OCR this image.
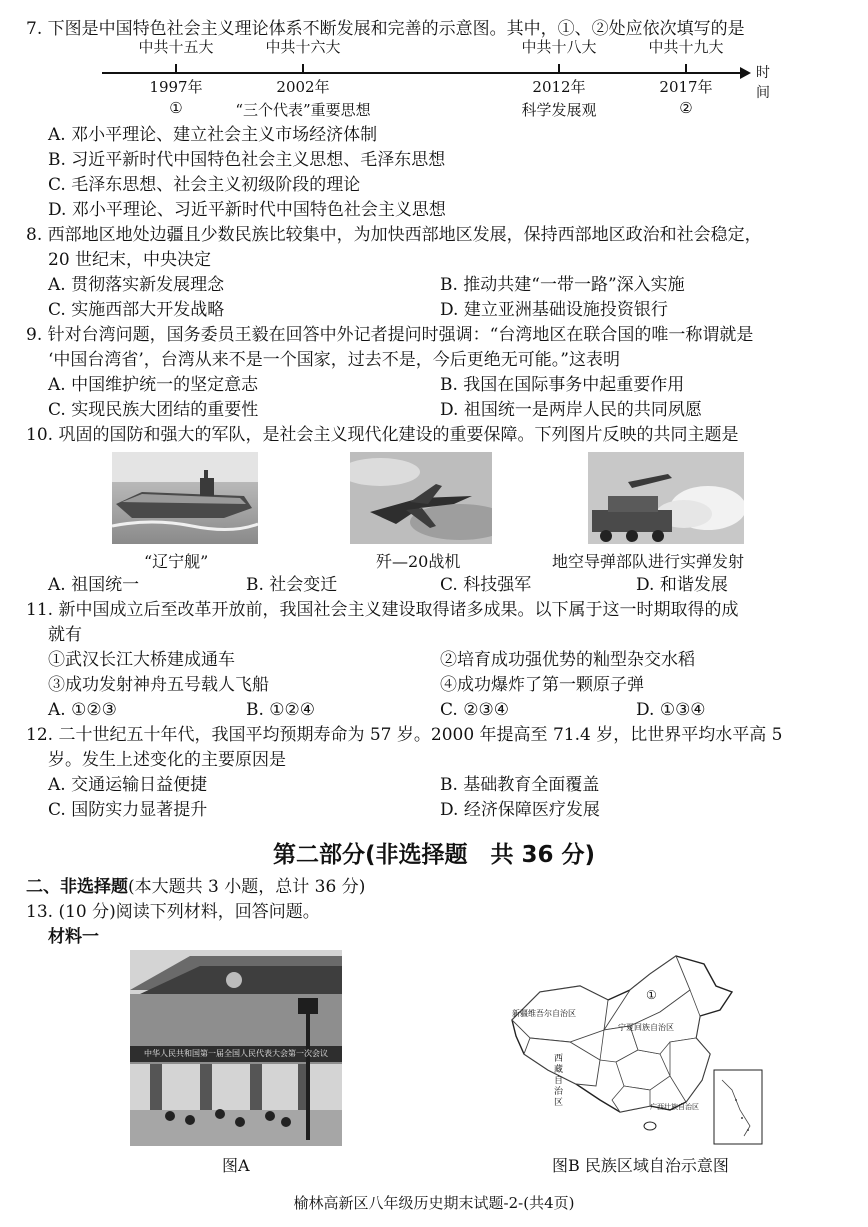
7. 下图是中国特色社会主义理论体系不断发展和完善的示意图。其中，①、②处应依次填写的是
时间
中共十五大	中共十六大	中共十八大	中共十九大
1997年	2002年	2012年	2017年
①	“三个代表”重要思想	科学发展观	②
A. 邓小平理论、建立社会主义市场经济体制
B. 习近平新时代中国特色社会主义思想、毛泽东思想
C. 毛泽东思想、社会主义初级阶段的理论
D. 邓小平理论、习近平新时代中国特色社会主义思想
8. 西部地区地处边疆且少数民族比较集中，为加快西部地区发展，保持西部地区政治和社会稳定，
20 世纪末，中央决定
A. 贯彻落实新发展理念	B. 推动共建“一带一路”深入实施
C. 实施西部大开发战略	D. 建立亚洲基础设施投资银行
9. 针对台湾问题，国务委员王毅在回答中外记者提问时强调：“台湾地区在联合国的唯一称谓就是
‘中国台湾省’，台湾从来不是一个国家，过去不是，今后更绝无可能。”这表明
A. 中国维护统一的坚定意志	B. 我国在国际事务中起重要作用
C. 实现民族大团结的重要性	D. 祖国统一是两岸人民的共同夙愿
10. 巩固的国防和强大的军队，是社会主义现代化建设的重要保障。下列图片反映的共同主题是
“辽宁舰”	歼—20战机	地空导弹部队进行实弹发射
A. 祖国统一	B. 社会变迁	C. 科技强军	D. 和谐发展
11. 新中国成立后至改革开放前，我国社会主义建设取得诸多成果。以下属于这一时期取得的成
就有
①武汉长江大桥建成通车	②培育成功强优势的籼型杂交水稻
③成功发射神舟五号载人飞船	④成功爆炸了第一颗原子弹
A. ①②③	B. ①②④	C. ②③④	D. ①③④
12. 二十世纪五十年代，我国平均预期寿命为 57 岁。2000 年提高至 71.4 岁，比世界平均水平高 5
岁。发生上述变化的主要原因是
A. 交通运输日益便捷	B. 基础教育全面覆盖
C. 国防实力显著提升	D. 经济保障医疗发展
第二部分(非选择题　共 36 分)
二、非选择题(本大题共 3 小题，总计 36 分)
13. (10 分)阅读下列材料，回答问题。
材料一
中华人民共和国第一届全国人民代表大会第一次会议
图A
新疆维吾尔自治区
西藏自治区
宁夏回族自治区
广西壮族自治区
①
图B 民族区域自治示意图
榆林高新区八年级历史期末试题-2-(共4页)
